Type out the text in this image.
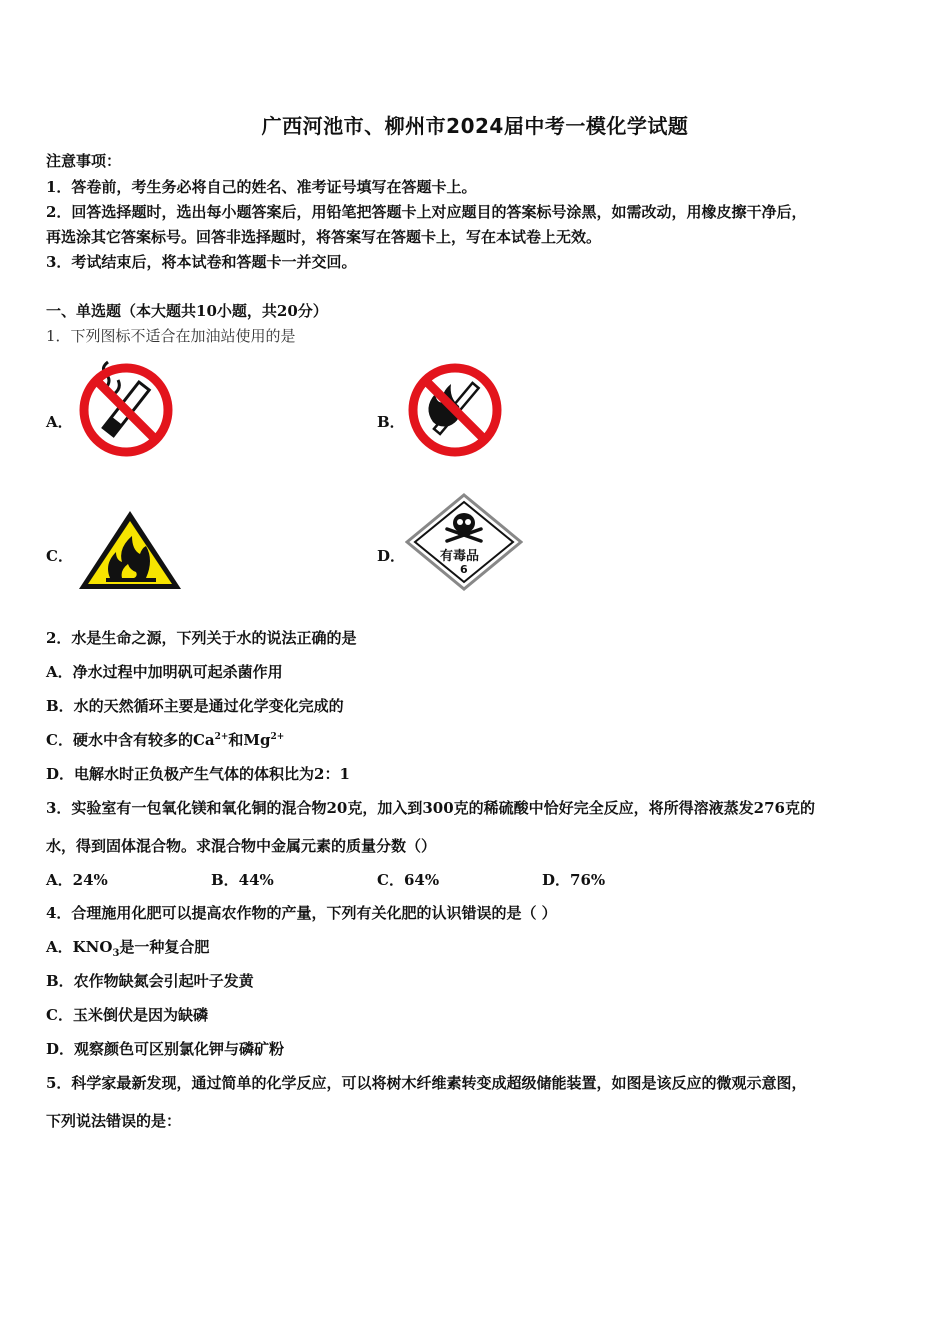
广西河池市、柳州市2024届中考一模化学试题
注意事项：
1．答卷前，考生务必将自己的姓名、准考证号填写在答题卡上。
2．回答选择题时，选出每小题答案后，用铅笔把答题卡上对应题目的答案标号涂黑，如需改动，用橡皮擦干净后，
再选涂其它答案标号。回答非选择题时，将答案写在答题卡上，写在本试卷上无效。
3．考试结束后，将本试卷和答题卡一并交回。
一、单选题（本大题共10小题，共20分）
1．下列图标不适合在加油站使用的是
A．	B．
C．	D．	有毒品
6
2．水是生命之源，下列关于水的说法正确的是
A．净水过程中加明矾可起杀菌作用
B．水的天然循环主要是通过化学变化完成的
C．硬水中含有较多的$Ca^{2+}$和$Mg^{2+}$
D．电解水时正负极产生气体的体积比为2：1
3．实验室有一包氧化镁和氧化铜的混合物20克，加入到300克的稀硫酸中恰好完全反应，将所得溶液蒸发276克的
水，得到固体混合物。求混合物中金属元素的质量分数（）
A．24%	B．44%	C．64%	D．76%
4．合理施用化肥可以提高农作物的产量，下列有关化肥的认识错误的是（ ）
A．$KNO_3$是一种复合肥
B．农作物缺氮会引起叶子发黄
C．玉米倒伏是因为缺磷
D．观察颜色可区别氯化钾与磷矿粉
5．科学家最新发现，通过简单的化学反应，可以将树木纤维素转变成超级储能装置，如图是该反应的微观示意图，
下列说法错误的是：
